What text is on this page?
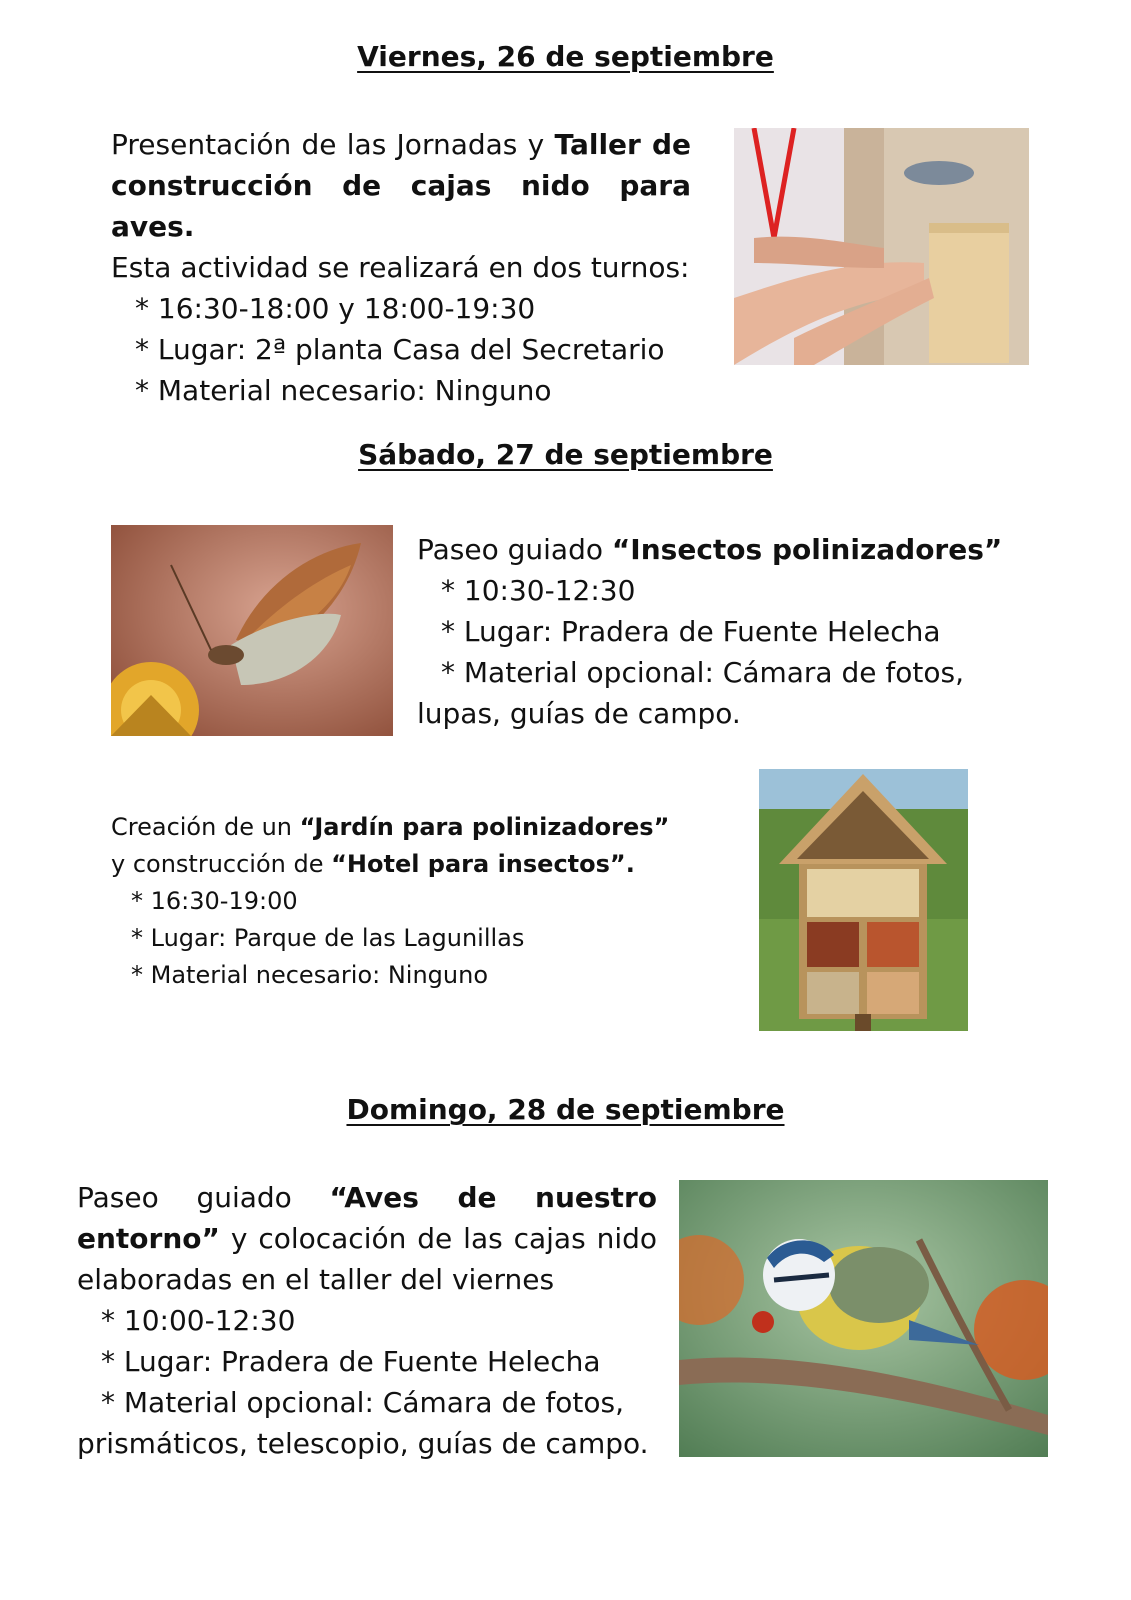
Viernes, 26 de septiembre

Presentación de las Jornadas y Taller de construcción de cajas nido para aves.

Esta actividad se realizará en dos turnos:

* 16:30-18:00 y 18:00-19:30
* Lugar: 2ª planta Casa del Secretario
* Material necesario: Ninguno
Sábado, 27 de septiembre
Paseo guiado “Insectos polinizadores”
* 10:30-12:30
* Lugar: Pradera de Fuente Helecha
* Material opcional: Cámara de fotos,
lupas, guías de campo.

Creación de un “Jardín para polinizadores” y construcción de “Hotel para insectos”.

* 16:30-19:00
* Lugar: Parque de las Lagunillas
* Material necesario: Ninguno
Domingo, 28 de septiembre

Paseo guiado “Aves de nuestro entorno” y colocación de las cajas nido elaboradas en el taller del viernes

* 10:00-12:30
* Lugar: Pradera de Fuente Helecha
* Material opcional: Cámara de fotos,
prismáticos, telescopio, guías de campo.
